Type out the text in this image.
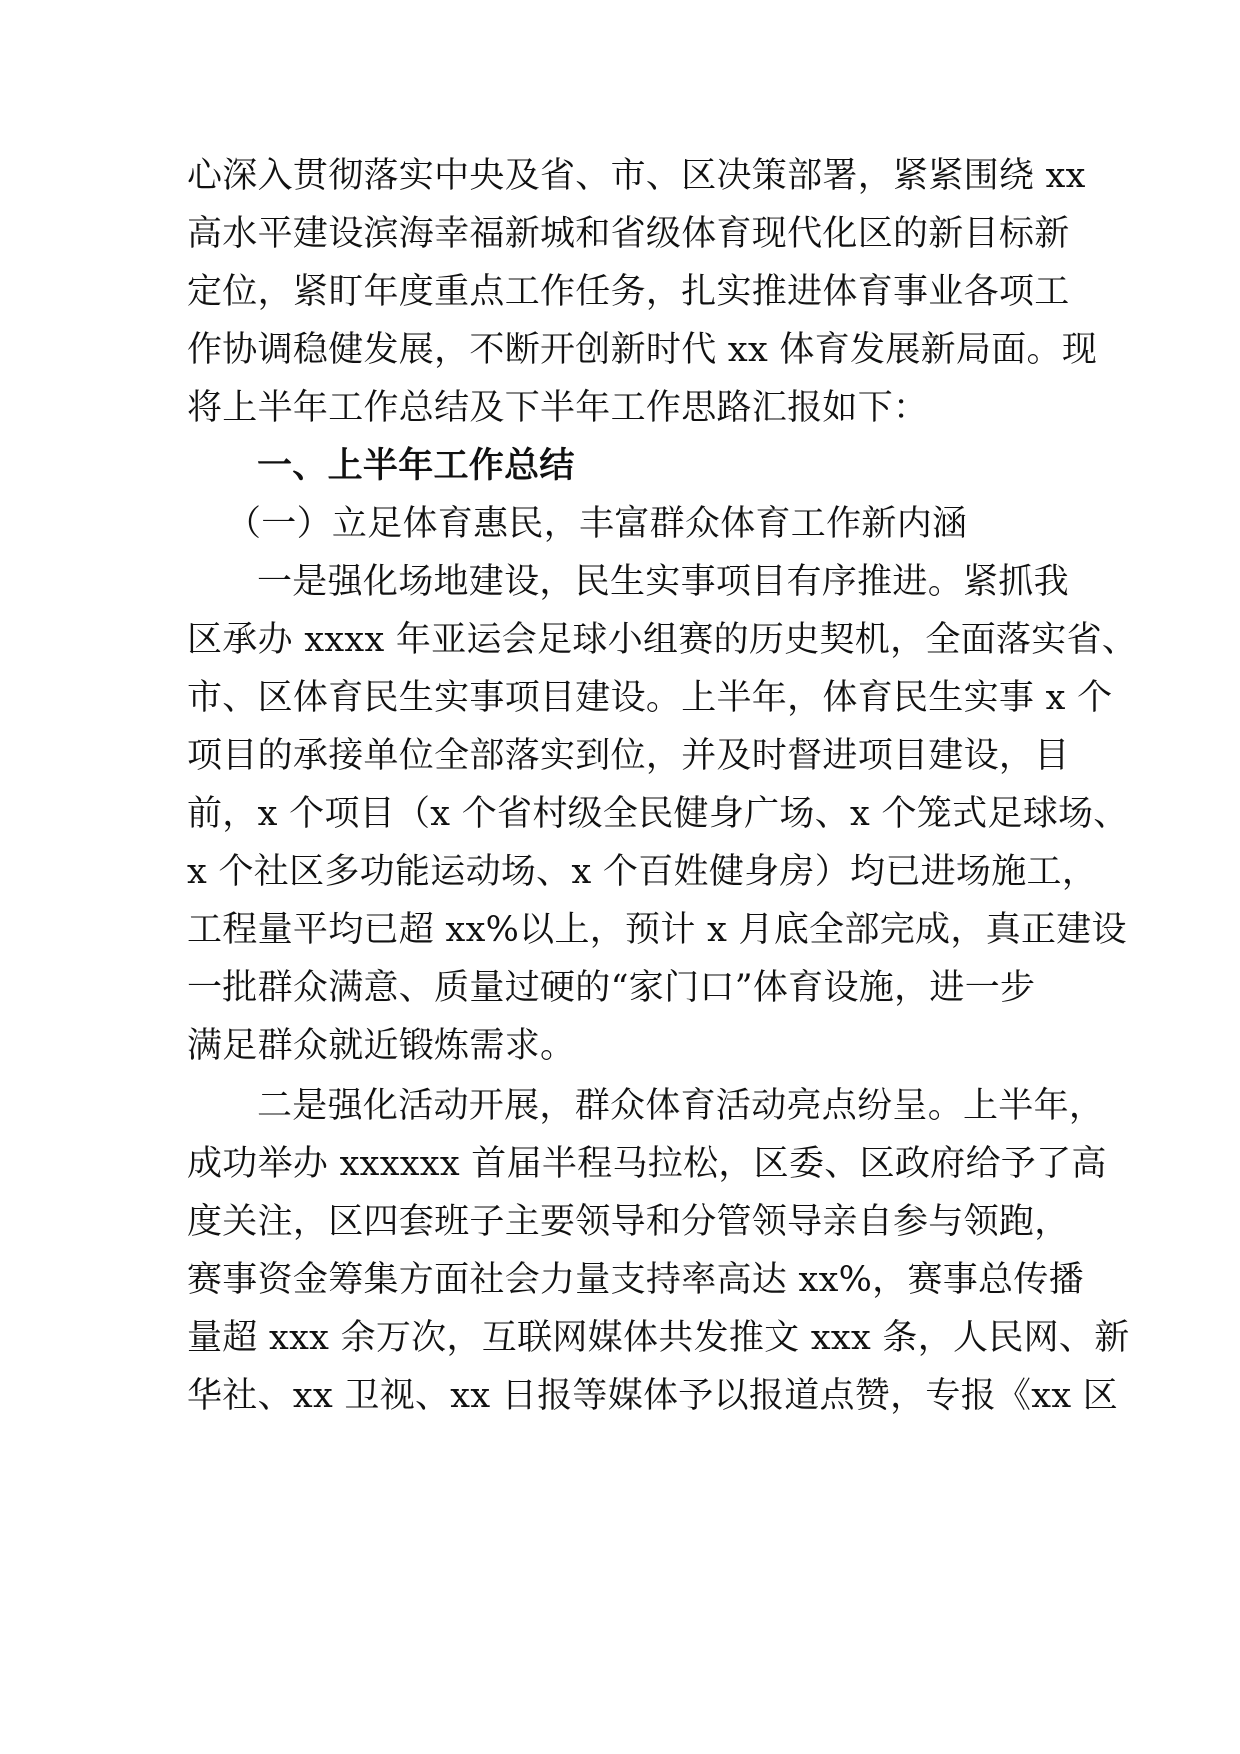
心深入贯彻落实中央及省、市、区决策部署，紧紧围绕 xx
高水平建设滨海幸福新城和省级体育现代化区的新目标新
定位，紧盯年度重点工作任务，扎实推进体育事业各项工
作协调稳健发展，不断开创新时代 xx 体育发展新局面。现
将上半年工作总结及下半年工作思路汇报如下：
一、上半年工作总结
（一）立足体育惠民，丰富群众体育工作新内涵
一是强化场地建设，民生实事项目有序推进。紧抓我
区承办 xxxx 年亚运会足球小组赛的历史契机，全面落实省、
市、区体育民生实事项目建设。上半年，体育民生实事 x 个
项目的承接单位全部落实到位，并及时督进项目建设，目
前，x 个项目（x 个省村级全民健身广场、x 个笼式足球场、
x 个社区多功能运动场、x 个百姓健身房）均已进场施工，
工程量平均已超 xx%以上，预计 x 月底全部完成，真正建设
一批群众满意、质量过硬的“家门口”体育设施，进一步
满足群众就近锻炼需求。
二是强化活动开展，群众体育活动亮点纷呈。上半年，
成功举办 xxxxxx 首届半程马拉松，区委、区政府给予了高
度关注，区四套班子主要领导和分管领导亲自参与领跑，
赛事资金筹集方面社会力量支持率高达 xx%，赛事总传播
量超 xxx 余万次，互联网媒体共发推文 xxx 条，人民网、新
华社、xx 卫视、xx 日报等媒体予以报道点赞，专报《xx 区
